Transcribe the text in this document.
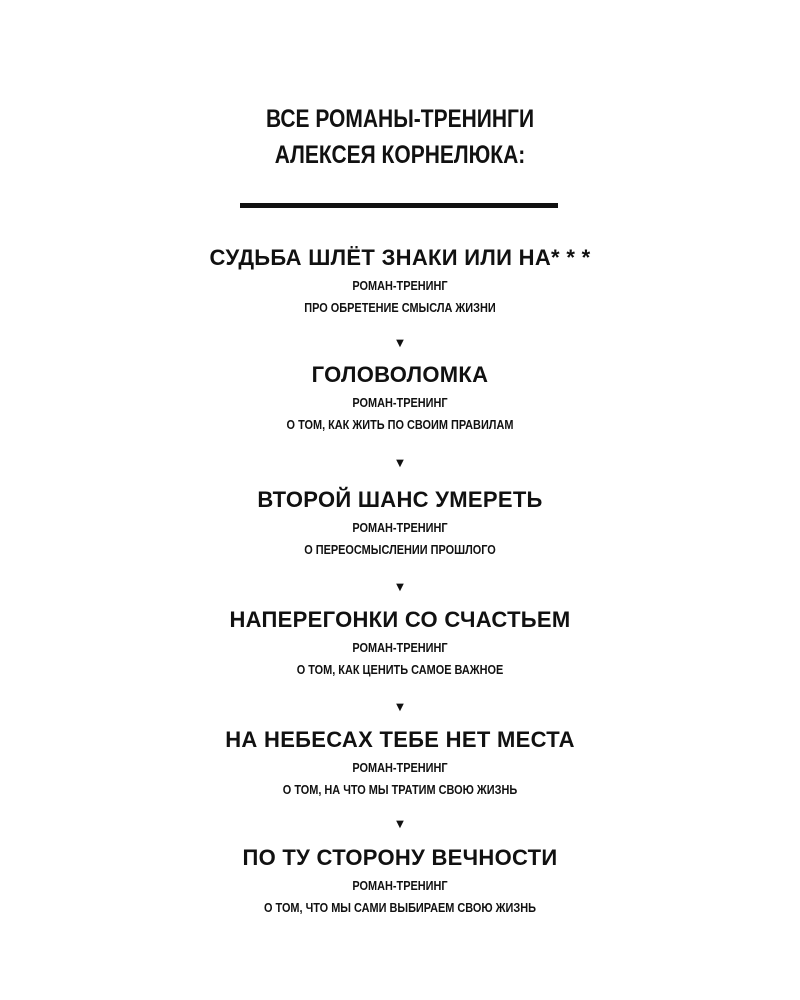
ВСЕ РОМАНЫ-ТРЕНИНГИ
АЛЕКСЕЯ КОРНЕЛЮКА:
СУДЬБА ШЛЁТ ЗНАКИ ИЛИ НА* * *
РОМАН-ТРЕНИНГ
ПРО ОБРЕТЕНИЕ СМЫСЛА ЖИЗНИ
▼
ГОЛОВОЛОМКА
РОМАН-ТРЕНИНГ
О ТОМ, КАК ЖИТЬ ПО СВОИМ ПРАВИЛАМ
▼
ВТОРОЙ ШАНС УМЕРЕТЬ
РОМАН-ТРЕНИНГ
О ПЕРЕОСМЫСЛЕНИИ ПРОШЛОГО
▼
НАПЕРЕГОНКИ СО СЧАСТЬЕМ
РОМАН-ТРЕНИНГ
О ТОМ, КАК ЦЕНИТЬ САМОЕ ВАЖНОЕ
▼
НА НЕБЕСАХ ТЕБЕ НЕТ МЕСТА
РОМАН-ТРЕНИНГ
О ТОМ, НА ЧТО МЫ ТРАТИМ СВОЮ ЖИЗНЬ
▼
ПО ТУ СТОРОНУ ВЕЧНОСТИ
РОМАН-ТРЕНИНГ
О ТОМ, ЧТО МЫ САМИ ВЫБИРАЕМ СВОЮ ЖИЗНЬ
